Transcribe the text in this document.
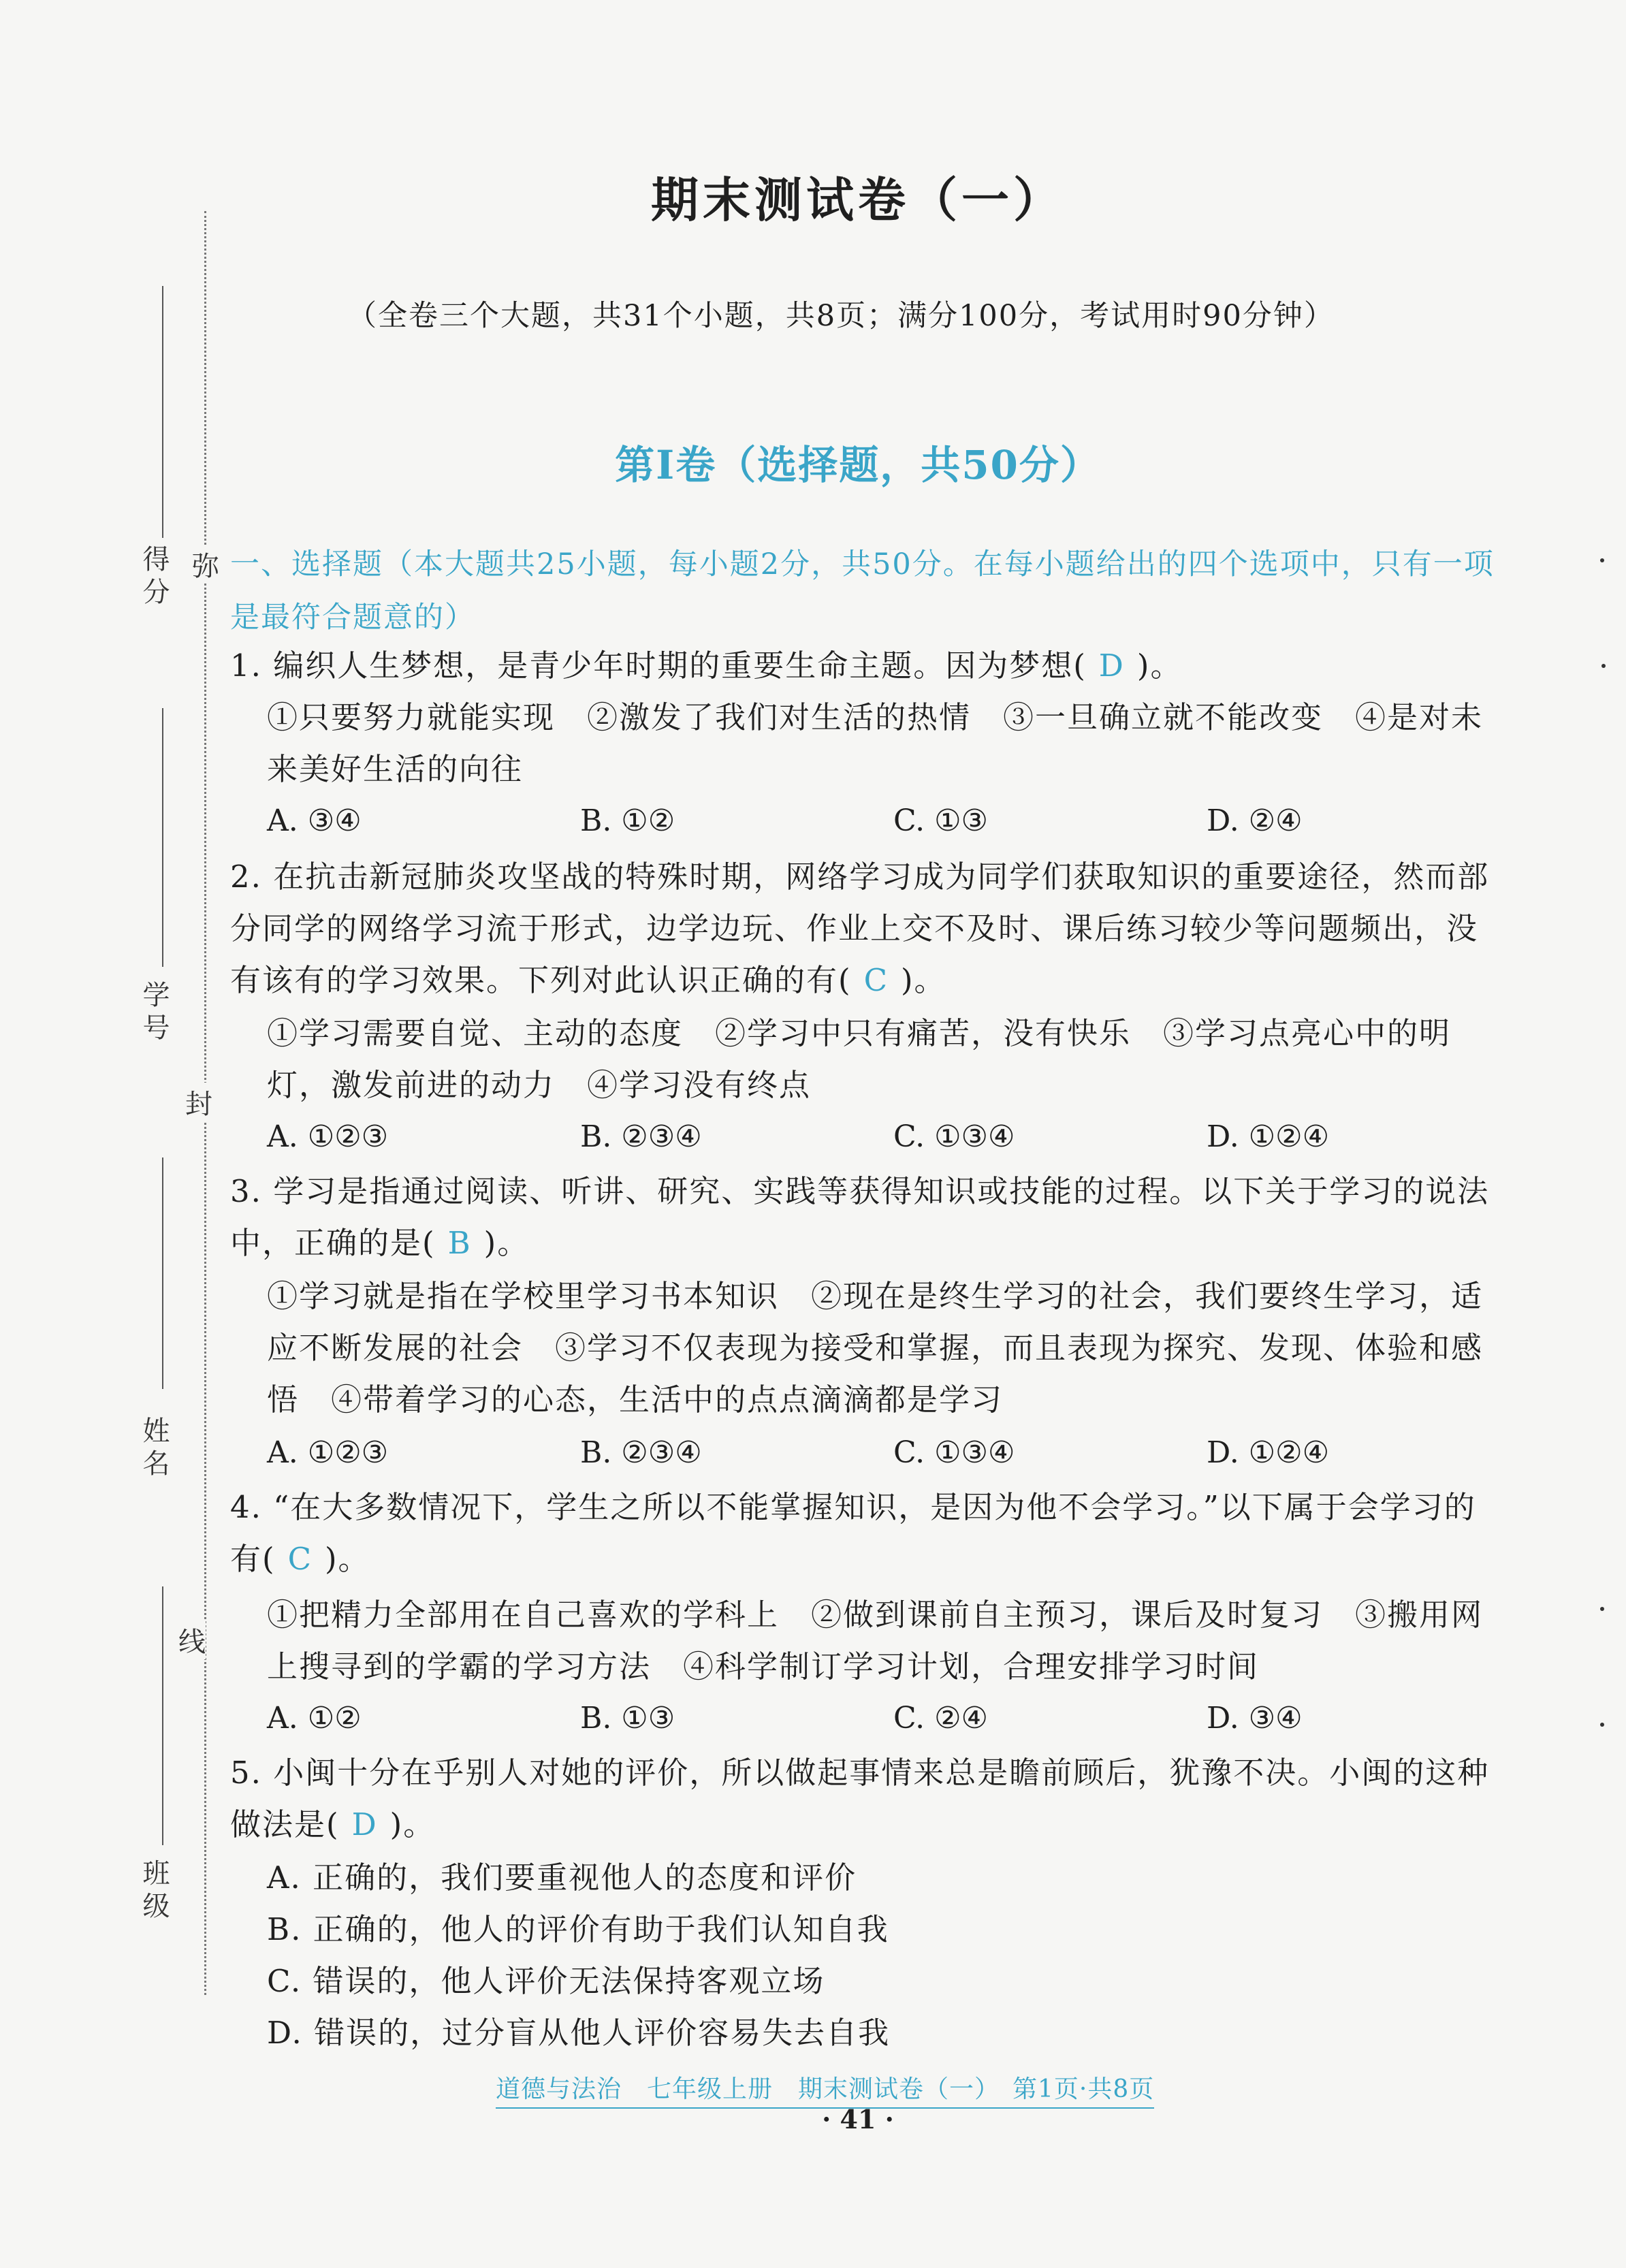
得分
学号
姓名
班级
弥
封
线
期末测试卷（一）
（全卷三个大题，共31个小题，共8页；满分100分，考试用时90分钟）
第Ⅰ卷（选择题，共50分）
一、选择题（本大题共25小题，每小题2分，共50分。在每小题给出的四个选项中，只有一项是最符合题意的）
1. 编织人生梦想，是青少年时期的重要生命主题。因为梦想( D )。
①只要努力就能实现　②激发了我们对生活的热情　③一旦确立就不能改变　④是对未来美好生活的向往
A. ③④	B. ①②	C. ①③	D. ②④
2. 在抗击新冠肺炎攻坚战的特殊时期，网络学习成为同学们获取知识的重要途径，然而部分同学的网络学习流于形式，边学边玩、作业上交不及时、课后练习较少等问题频出，没有该有的学习效果。下列对此认识正确的有( C )。
①学习需要自觉、主动的态度　②学习中只有痛苦，没有快乐　③学习点亮心中的明灯，激发前进的动力　④学习没有终点
A. ①②③	B. ②③④	C. ①③④	D. ①②④
3. 学习是指通过阅读、听讲、研究、实践等获得知识或技能的过程。以下关于学习的说法中，正确的是( B )。
①学习就是指在学校里学习书本知识　②现在是终生学习的社会，我们要终生学习，适应不断发展的社会　③学习不仅表现为接受和掌握，而且表现为探究、发现、体验和感悟　④带着学习的心态，生活中的点点滴滴都是学习
A. ①②③	B. ②③④	C. ①③④	D. ①②④
4. “在大多数情况下，学生之所以不能掌握知识，是因为他不会学习。”以下属于会学习的有( C )。
①把精力全部用在自己喜欢的学科上　②做到课前自主预习，课后及时复习　③搬用网上搜寻到的学霸的学习方法　④科学制订学习计划，合理安排学习时间
A. ①②	B. ①③	C. ②④	D. ③④
5. 小闽十分在乎别人对她的评价，所以做起事情来总是瞻前顾后，犹豫不决。小闽的这种做法是( D )。
A. 正确的，我们要重视他人的态度和评价
B. 正确的，他人的评价有助于我们认知自我
C. 错误的，他人评价无法保持客观立场
D. 错误的，过分盲从他人评价容易失去自我
道德与法治　七年级上册　期末测试卷（一）　第1页·共8页
· 41 ·
